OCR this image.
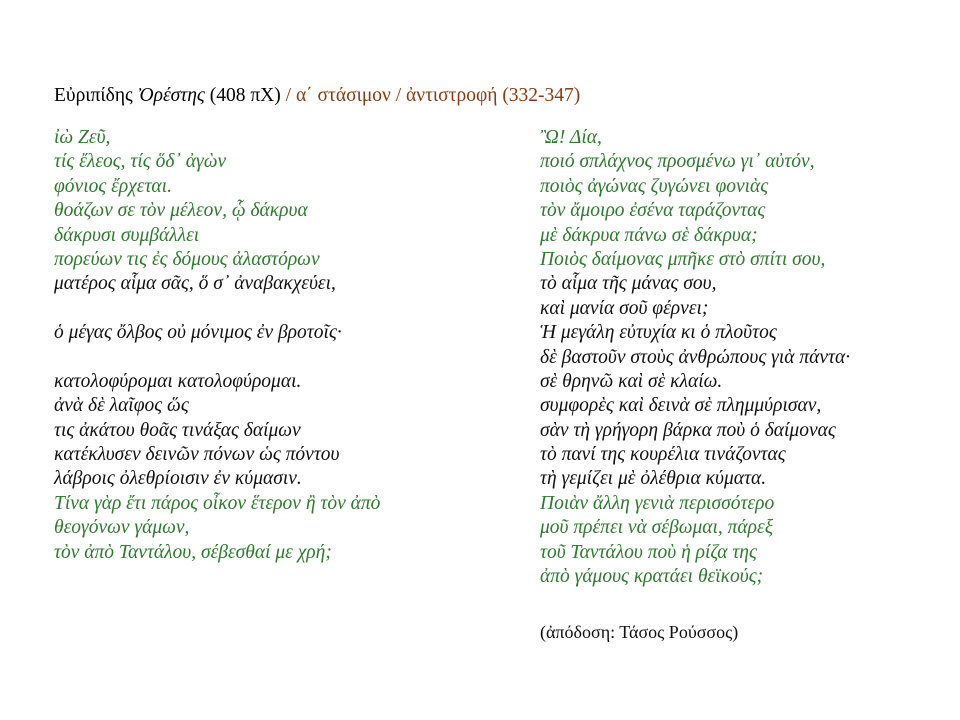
Εὐριπίδης Ὀρέστης (408 πΧ) / α΄ στάσιμον / ἀντιστροφή (332-347)
ἰὼ Ζεῦ,
τίς ἔλεος, τίς ὅδ᾽ ἀγὼν
φόνιος ἔρχεται.
θοάζων σε τὸν μέλεον, ᾧ δάκρυα
δάκρυσι συμβάλλει
πορεύων τις ἐς δόμους ἀλαστόρων
ματέρος αἷμα σᾶς, ὅ σ᾽ ἀναβακχεύει,
ὁ μέγας ὄλβος οὐ μόνιμος ἐν βροτοῖς·
κατολοφύρομαι κατολοφύρομαι.
ἀνὰ δὲ λαῖφος ὥς
τις ἀκάτου θοᾶς τινάξας δαίμων
κατέκλυσεν δεινῶν πόνων ὡς πόντου
λάβροις ὀλεθρίοισιν ἐν κύμασιν.
Τίνα γὰρ ἔτι πάρος οἶκον ἕτερον ἢ τὸν ἀπὸ
θεογόνων γάμων,
τὸν ἀπὸ Ταντάλου, σέβεσθαί με χρή;
Ὢ! Δία,
ποιό σπλάχνος προσμένω γι᾽ αὐτόν,
ποιὸς ἀγώνας ζυγώνει φονιὰς
τὸν ἄμοιρο ἐσένα ταράζοντας
μὲ δάκρυα πάνω σὲ δάκρυα;
Ποιὸς δαίμονας μπῆκε στὸ σπίτι σου,
τὸ αἷμα τῆς μάνας σου,
καὶ μανία σοῦ φέρνει;
Ἡ μεγάλη εὐτυχία κι ὁ πλοῦτος
δὲ βαστοῦν στοὺς ἀνθρώπους γιὰ πάντα·
σὲ θρηνῶ καὶ σὲ κλαίω.
συμφορὲς καὶ δεινὰ σὲ πλημμύρισαν,
σὰν τὴ γρήγορη βάρκα ποὺ ὁ δαίμονας
τὸ πανί της κουρέλια τινάζοντας
τὴ γεμίζει μὲ ὀλέθρια κύματα.
Ποιὰν ἄλλη γενιὰ περισσότερο
μοῦ πρέπει νὰ σέβωμαι, πάρεξ
τοῦ Ταντάλου ποὺ ἡ ρίζα της
ἀπὸ γάμους κρατάει θεϊκούς;
(ἀπόδοση: Τάσος Ρούσσος)
